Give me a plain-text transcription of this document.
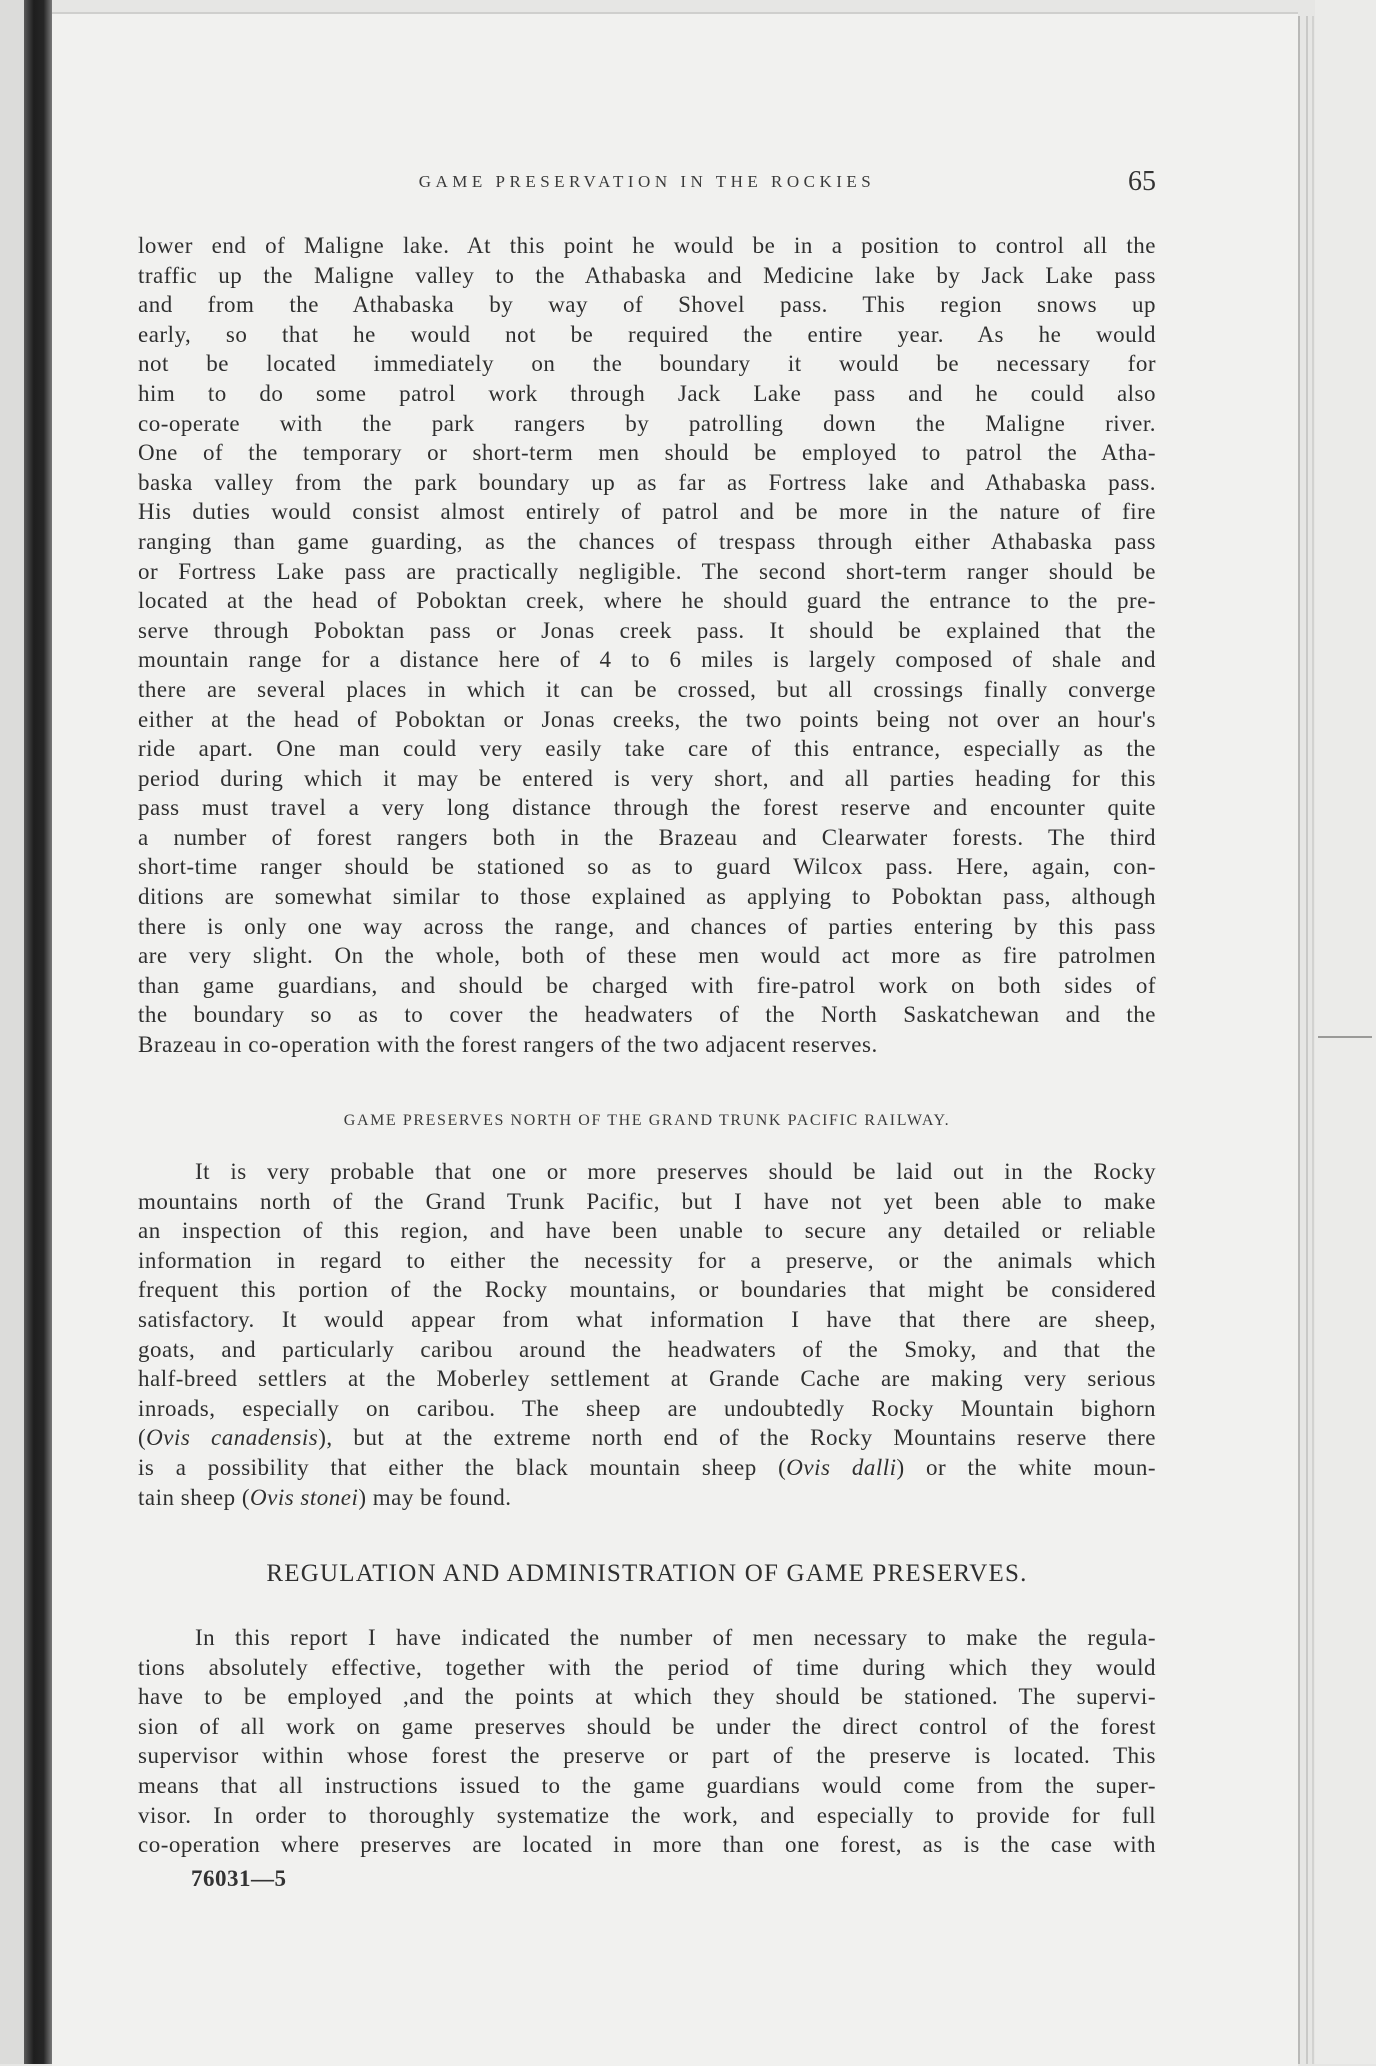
GAME PRESERVATION IN THE ROCKIES	65
lower end of Maligne lake. At this point he would be in a position to control all the
traffic up the Maligne valley to the Athabaska and Medicine lake by Jack Lake pass
and from the Athabaska by way of Shovel pass. This region snows up
early, so that he would not be required the entire year. As he would
not be located immediately on the boundary it would be necessary for
him to do some patrol work through Jack Lake pass and he could also
co-operate with the park rangers by patrolling down the Maligne river.
One of the temporary or short-term men should be employed to patrol the Atha-
baska valley from the park boundary up as far as Fortress lake and Athabaska pass.
His duties would consist almost entirely of patrol and be more in the nature of fire
ranging than game guarding, as the chances of trespass through either Athabaska pass
or Fortress Lake pass are practically negligible. The second short-term ranger should be
located at the head of Poboktan creek, where he should guard the entrance to the pre-
serve through Poboktan pass or Jonas creek pass. It should be explained that the
mountain range for a distance here of 4 to 6 miles is largely composed of shale and
there are several places in which it can be crossed, but all crossings finally converge
either at the head of Poboktan or Jonas creeks, the two points being not over an hour's
ride apart. One man could very easily take care of this entrance, especially as the
period during which it may be entered is very short, and all parties heading for this
pass must travel a very long distance through the forest reserve and encounter quite
a number of forest rangers both in the Brazeau and Clearwater forests. The third
short-time ranger should be stationed so as to guard Wilcox pass. Here, again, con-
ditions are somewhat similar to those explained as applying to Poboktan pass, although
there is only one way across the range, and chances of parties entering by this pass
are very slight. On the whole, both of these men would act more as fire patrolmen
than game guardians, and should be charged with fire-patrol work on both sides of
the boundary so as to cover the headwaters of the North Saskatchewan and the
Brazeau in co-operation with the forest rangers of the two adjacent reserves.
GAME PRESERVES NORTH OF THE GRAND TRUNK PACIFIC RAILWAY.
It is very probable that one or more preserves should be laid out in the Rocky
mountains north of the Grand Trunk Pacific, but I have not yet been able to make
an inspection of this region, and have been unable to secure any detailed or reliable
information in regard to either the necessity for a preserve, or the animals which
frequent this portion of the Rocky mountains, or boundaries that might be considered
satisfactory. It would appear from what information I have that there are sheep,
goats, and particularly caribou around the headwaters of the Smoky, and that the
half-breed settlers at the Moberley settlement at Grande Cache are making very serious
inroads, especially on caribou. The sheep are undoubtedly Rocky Mountain bighorn
(Ovis canadensis), but at the extreme north end of the Rocky Mountains reserve there
is a possibility that either the black mountain sheep (Ovis dalli) or the white moun-
tain sheep (Ovis stonei) may be found.
REGULATION AND ADMINISTRATION OF GAME PRESERVES.
In this report I have indicated the number of men necessary to make the regula-
tions absolutely effective, together with the period of time during which they would
have to be employed ,and the points at which they should be stationed. The supervi-
sion of all work on game preserves should be under the direct control of the forest
supervisor within whose forest the preserve or part of the preserve is located. This
means that all instructions issued to the game guardians would come from the super-
visor. In order to thoroughly systematize the work, and especially to provide for full
co-operation where preserves are located in more than one forest, as is the case with
76031—5
